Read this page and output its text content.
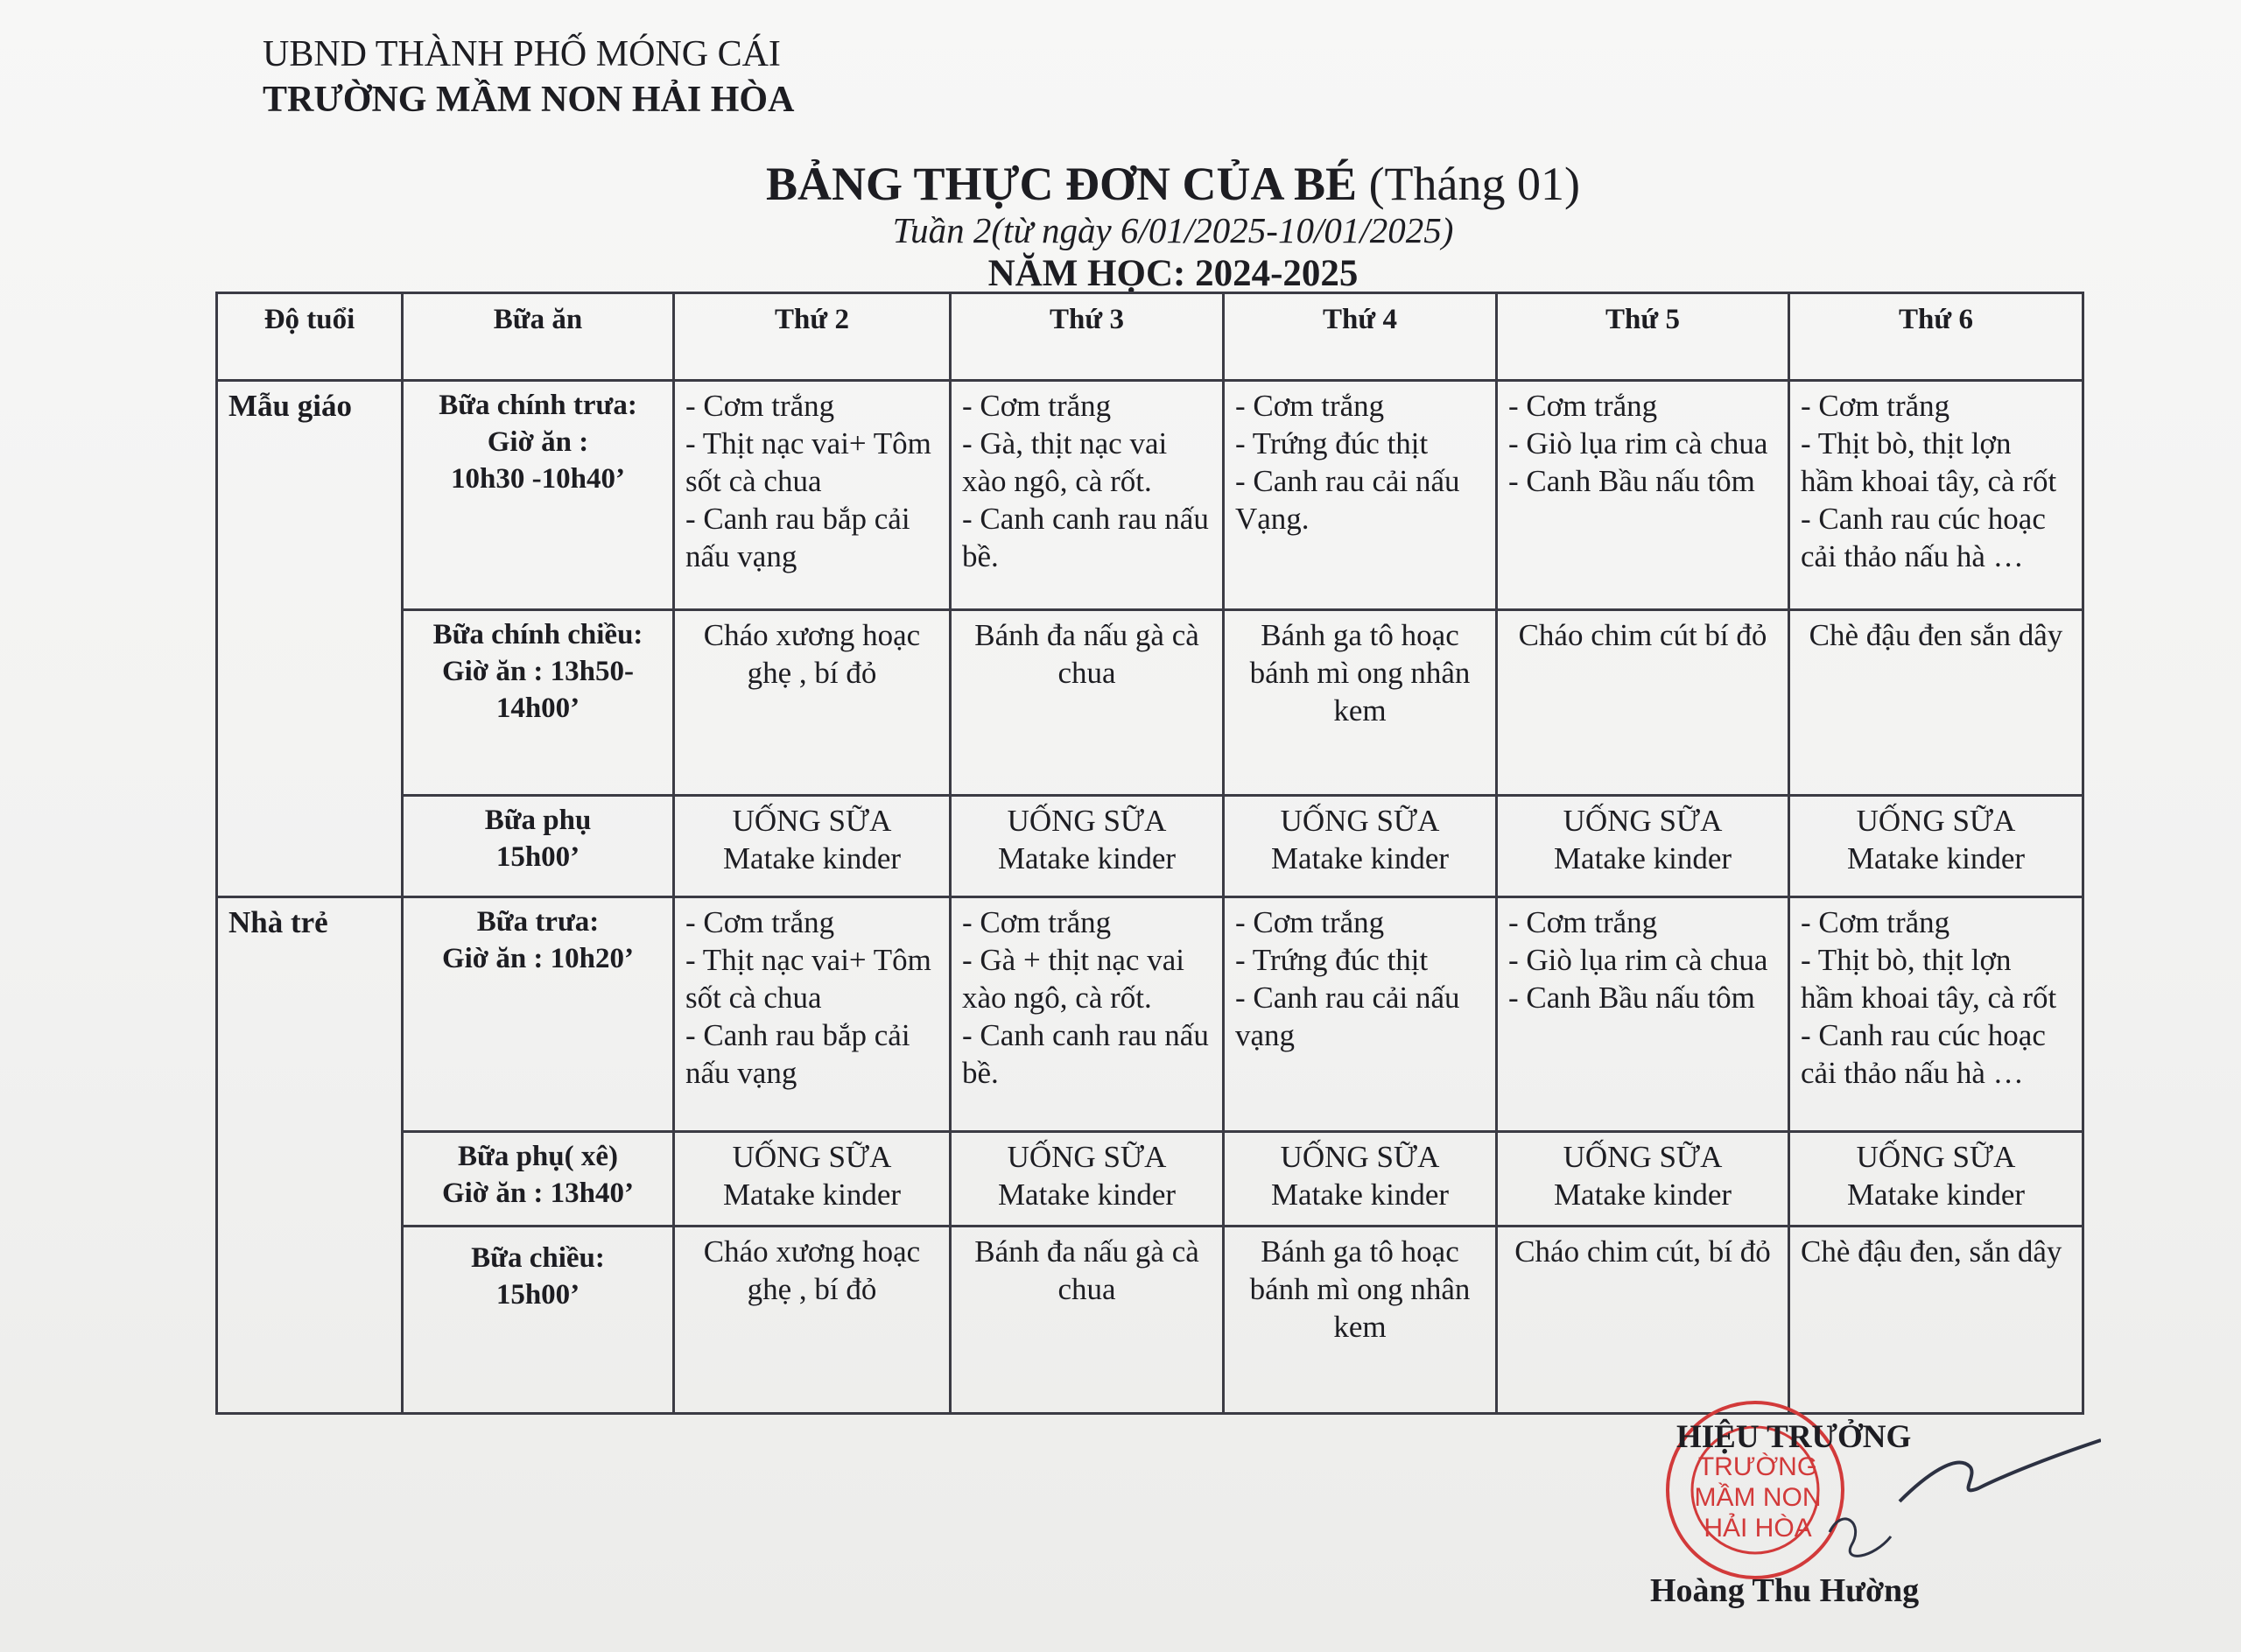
UBND THÀNH PHỐ MÓNG CÁI
TRƯỜNG MẦM NON HẢI HÒA
BẢNG THỰC ĐƠN CỦA BÉ (Tháng 01)
Tuần 2(từ ngày 6/01/2025-10/01/2025)
NĂM HỌC: 2024-2025
Độ tuổi	Bữa ăn	Thứ 2	Thứ 3	Thứ 4	Thứ 5	Thứ 6
Mẫu giáo	Bữa chính trưa:
Giờ ăn :
10h30 -10h40’	- Cơm trắng
- Thịt nạc vai+ Tôm sốt cà chua
- Canh rau bắp cải nấu vạng	- Cơm trắng
- Gà, thịt nạc vai xào ngô, cà rốt.
- Canh canh rau nấu bề.	- Cơm trắng
- Trứng đúc thịt
- Canh rau cải nấu Vạng.	- Cơm trắng
- Giò lụa rim cà chua
- Canh Bầu nấu tôm	- Cơm trắng
- Thịt bò, thịt lợn hầm khoai tây, cà rốt
- Canh rau cúc hoạc cải thảo nấu hà …

	Bữa chính chiều:
Giờ ăn : 13h50-
14h00’	Cháo xương hoạc ghẹ , bí đỏ	Bánh đa nấu gà cà chua	Bánh ga tô hoạc bánh mì ong nhân kem	Cháo chim cút bí đỏ	Chè đậu đen sắn dây

	Bữa phụ
15h00’	UỐNG SỮA
Matake kinder	UỐNG SỮA
Matake kinder	UỐNG SỮA
Matake kinder	UỐNG SỮA
Matake kinder	UỐNG SỮA
Matake kinder

Nhà trẻ	Bữa trưa:
Giờ ăn : 10h20’	- Cơm trắng
- Thịt nạc vai+ Tôm sốt cà chua
- Canh rau bắp cải nấu vạng	- Cơm trắng
- Gà + thịt nạc vai xào ngô, cà rốt.
- Canh canh rau nấu bề.	- Cơm trắng
- Trứng đúc thịt
- Canh rau cải nấu vạng	- Cơm trắng
- Giò lụa rim cà chua
- Canh Bầu nấu tôm	- Cơm trắng
- Thịt bò, thịt lợn hầm khoai tây, cà rốt
- Canh rau cúc hoạc cải thảo nấu hà …

	Bữa phụ( xê)
Giờ ăn : 13h40’	UỐNG SỮA
Matake kinder	UỐNG SỮA
Matake kinder	UỐNG SỮA
Matake kinder	UỐNG SỮA
Matake kinder	UỐNG SỮA
Matake kinder

	Bữa chiều:
15h00’	Cháo xương hoạc ghẹ , bí đỏ	Bánh đa nấu gà cà chua	Bánh ga tô hoạc bánh mì ong nhân kem	Cháo chim cút, bí đỏ	Chè đậu đen, sắn dây
TRƯỜNG
MẦM NON
HẢI HÒA
HIỆU TRƯỞNG
Hoàng Thu Hường
